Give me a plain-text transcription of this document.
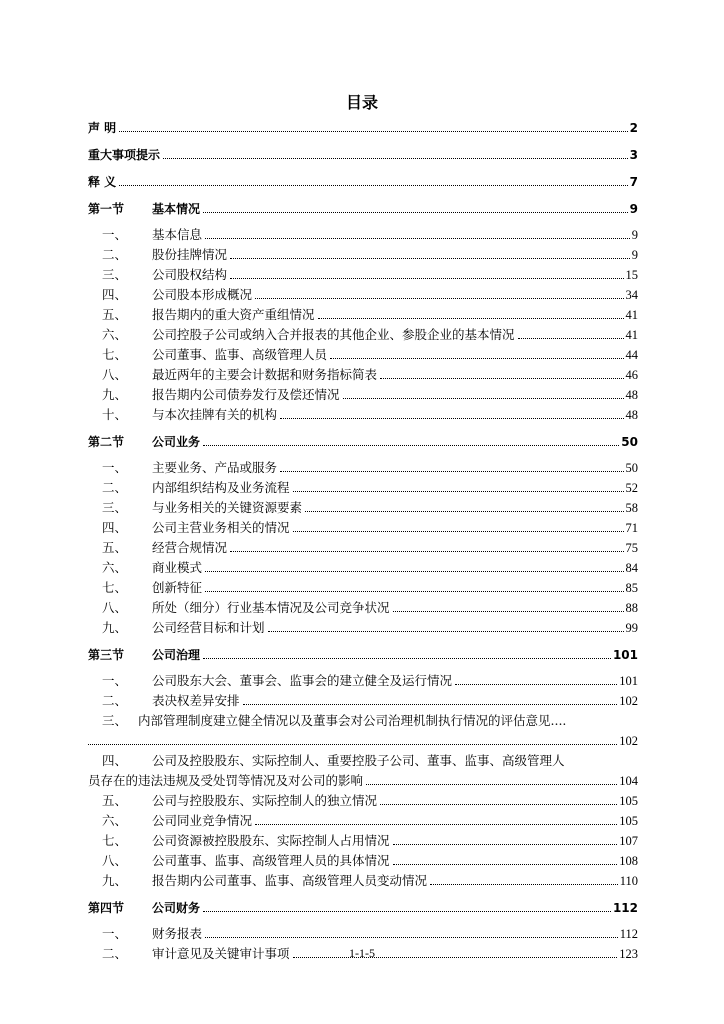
目录
声 明	2
重大事项提示	3
释 义	7
第一节	基本情况	9
一、	基本信息	9
二、	股份挂牌情况	9
三、	公司股权结构	15
四、	公司股本形成概况	34
五、	报告期内的重大资产重组情况	41
六、	公司控股子公司或纳入合并报表的其他企业、参股企业的基本情况	41
七、	公司董事、监事、高级管理人员	44
八、	最近两年的主要会计数据和财务指标简表	46
九、	报告期内公司债券发行及偿还情况	48
十、	与本次挂牌有关的机构	48
第二节	公司业务	50
一、	主要业务、产品或服务	50
二、	内部组织结构及业务流程	52
三、	与业务相关的关键资源要素	58
四、	公司主营业务相关的情况	71
五、	经营合规情况	75
六、	商业模式	84
七、	创新特征	85
八、	所处（细分）行业基本情况及公司竞争状况	88
九、	公司经营目标和计划	99
第三节	公司治理	101
一、	公司股东大会、董事会、监事会的建立健全及运行情况	101
二、	表决权差异安排	102
三、 内部管理制度建立健全情况以及董事会对公司治理机制执行情况的评估意见....
102
四、	公司及控股股东、实际控制人、重要控股子公司、董事、监事、高级管理人
员存在的违法违规及受处罚等情况及对公司的影响	104
五、	公司与控股股东、实际控制人的独立情况	105
六、	公司同业竞争情况	105
七、	公司资源被控股股东、实际控制人占用情况	107
八、	公司董事、监事、高级管理人员的具体情况	108
九、	报告期内公司董事、监事、高级管理人员变动情况	110
第四节	公司财务	112
一、	财务报表	112
二、	审计意见及关键审计事项	123
1-1-5
